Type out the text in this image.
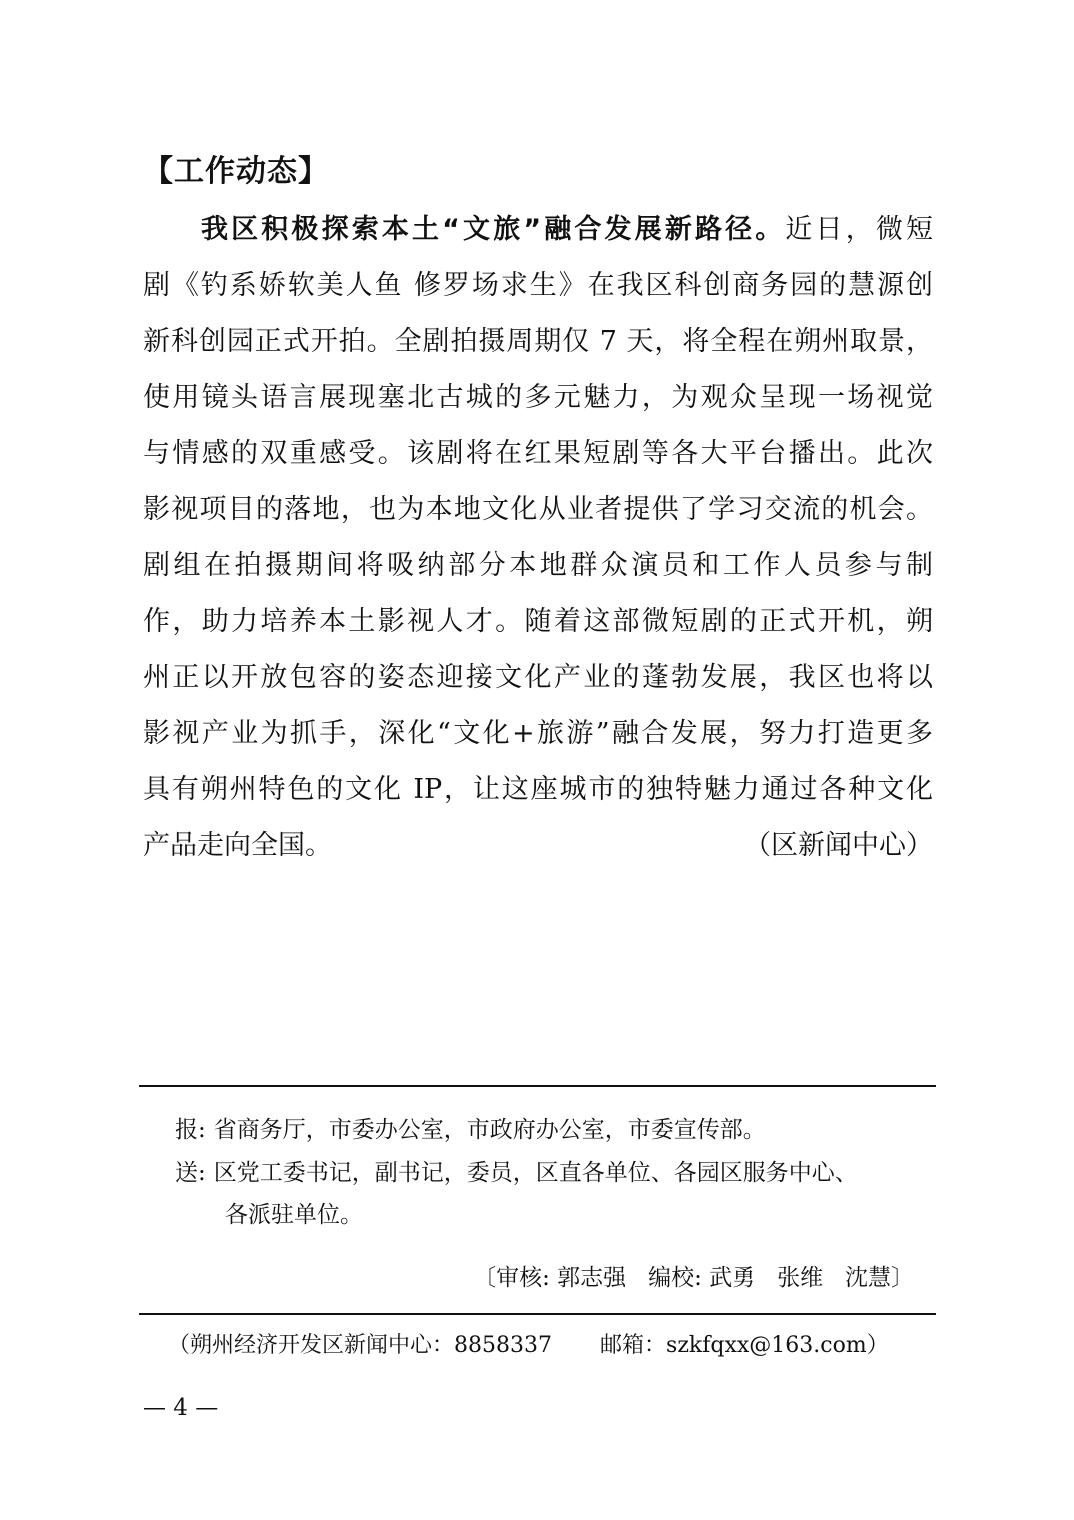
【工作动态】
我区积极探索本土“文旅”融合发展新路径。近日，微短
剧《钓系娇软美人鱼 修罗场求生》在我区科创商务园的慧源创
新科创园正式开拍。全剧拍摄周期仅 7 天，将全程在朔州取景，
使用镜头语言展现塞北古城的多元魅力，为观众呈现一场视觉
与情感的双重感受。该剧将在红果短剧等各大平台播出。此次
影视项目的落地，也为本地文化从业者提供了学习交流的机会。
剧组在拍摄期间将吸纳部分本地群众演员和工作人员参与制
作，助力培养本土影视人才。随着这部微短剧的正式开机，朔
州正以开放包容的姿态迎接文化产业的蓬勃发展，我区也将以
影视产业为抓手，深化“文化+旅游”融合发展，努力打造更多
具有朔州特色的文化 IP，让这座城市的独特魅力通过各种文化
产品走向全国。	（区新闻中心）
报: 省商务厅，市委办公室，市政府办公室，市委宣传部。
送: 区党工委书记，副书记，委员，区直各单位、各园区服务中心、
各派驻单位。
〔审核: 郭志强 编校: 武勇 张维 沈慧〕
（朔州经济开发区新闻中心：8858337 邮箱：szkfqxx@163.com）
— 4 —
